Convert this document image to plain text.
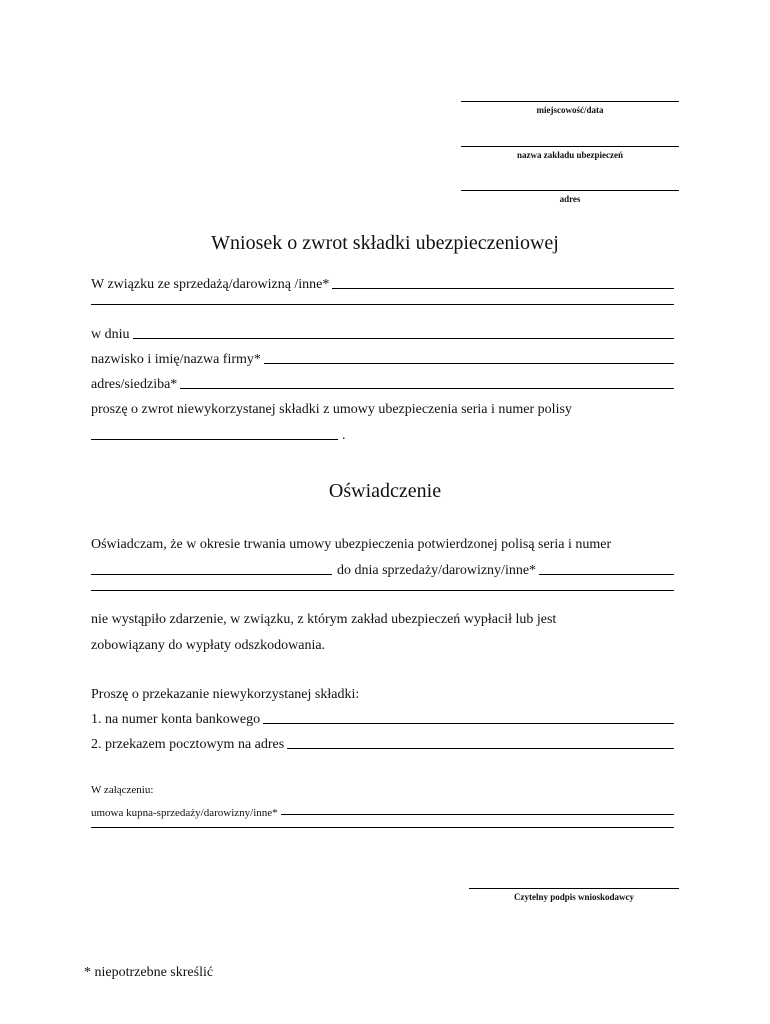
miejscowość/data
nazwa zakładu ubezpieczeń
adres
Wniosek o zwrot składki ubezpieczeniowej
W związku ze sprzedażą/darowizną /inne*
w dniu
nazwisko i imię/nazwa firmy*
adres/siedziba*
proszę o zwrot niewykorzystanej składki z umowy ubezpieczenia seria i numer polisy
.
Oświadczenie
Oświadczam, że w okresie trwania umowy ubezpieczenia potwierdzonej polisą seria i numer
do dnia sprzedaży/darowizny/inne*
nie wystąpiło zdarzenie, w związku, z którym zakład ubezpieczeń wypłacił lub jest
zobowiązany do wypłaty odszkodowania.
Proszę o przekazanie niewykorzystanej składki:
1. na numer konta bankowego
2. przekazem pocztowym na adres
W załączeniu:
umowa kupna-sprzedaży/darowizny/inne*
Czytelny podpis wnioskodawcy
* niepotrzebne skreślić
